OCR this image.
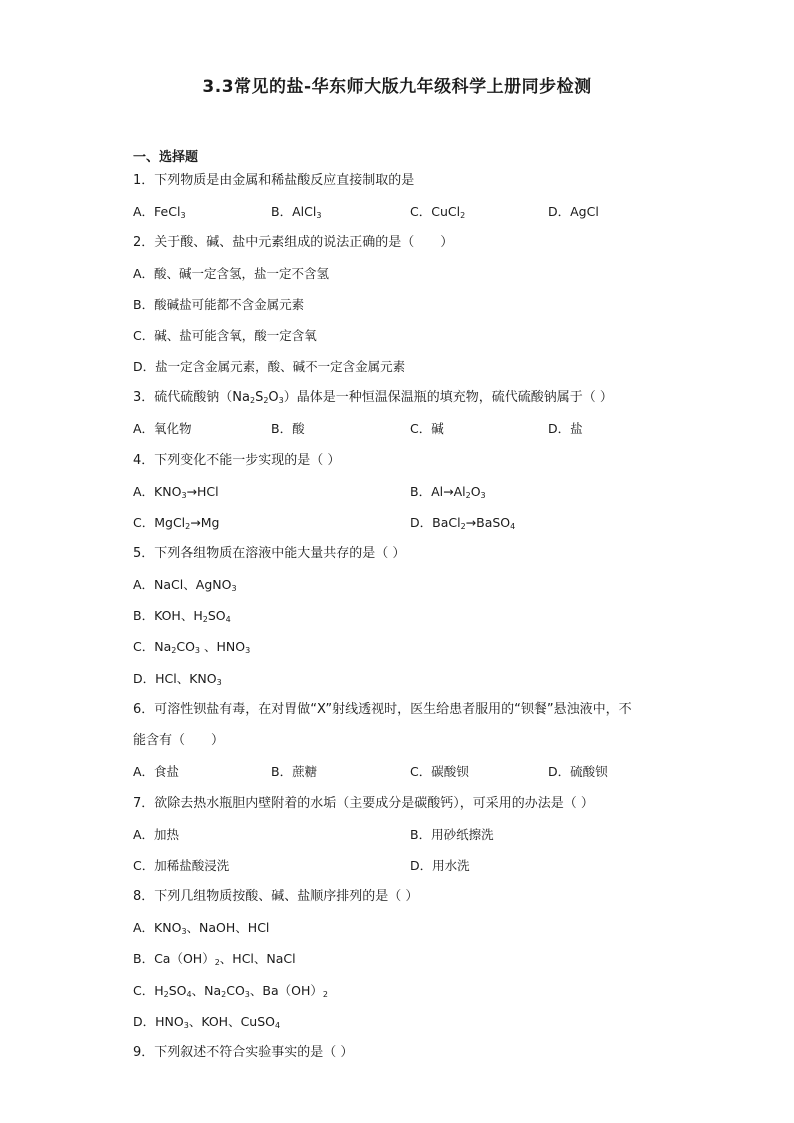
3.3常见的盐-华东师大版九年级科学上册同步检测
一、选择题
1．下列物质是由金属和稀盐酸反应直接制取的是
A．FeCl$_3$	B．AlCl$_3$	C．CuCl$_2$	D．AgCl
2．关于酸、碱、盐中元素组成的说法正确的是（　　）
A．酸、碱一定含氢，盐一定不含氢
B．酸碱盐可能都不含金属元素
C．碱、盐可能含氧，酸一定含氧
D．盐一定含金属元素，酸、碱不一定含金属元素
3．硫代硫酸钠$(Na_2S_2O_3)$晶体是一种恒温保温瓶的填充物，硫代硫酸钠属于（ ）
A．氧化物	B．酸	C．碱	D．盐
4．下列变化不能一步实现的是（ ）
A．$KNO_3\to HCl$	B．$Al\to Al_2O_3$
C．MgCl$_2$→Mg	D．BaCl$_2$→BaSO$_4$
5．下列各组物质在溶液中能大量共存的是（ ）
A．NaCl、AgNO$_3$
B．KOH、$H_2SO_4$
C．$Na_2CO_3$ 、$HNO_3$
D．HCl、$KNO_3$
6．可溶性钡盐有毒，在对胃做“X”射线透视时，医生给患者服用的“钡餐”悬浊液中，不
能含有（　　）
A．食盐	B．蔗糖	C．碳酸钡	D．硫酸钡
7．欲除去热水瓶胆内壁附着的水垢（主要成分是碳酸钙），可采用的办法是（ ）
A．加热	B．用砂纸擦洗
C．加稀盐酸浸洗	D．用水洗
8．下列几组物质按酸、碱、盐顺序排列的是（ ）
A．$KNO_3$、NaOH、HCl
B．$Ca(OH)_2$、HCl、NaCl
C．$H_2SO_4$、$Na_2CO_3$、$Ba(OH)_2$
D．$HNO_3$、KOH、CuSO$_4$
9．下列叙述不符合实验事实的是（ ）
